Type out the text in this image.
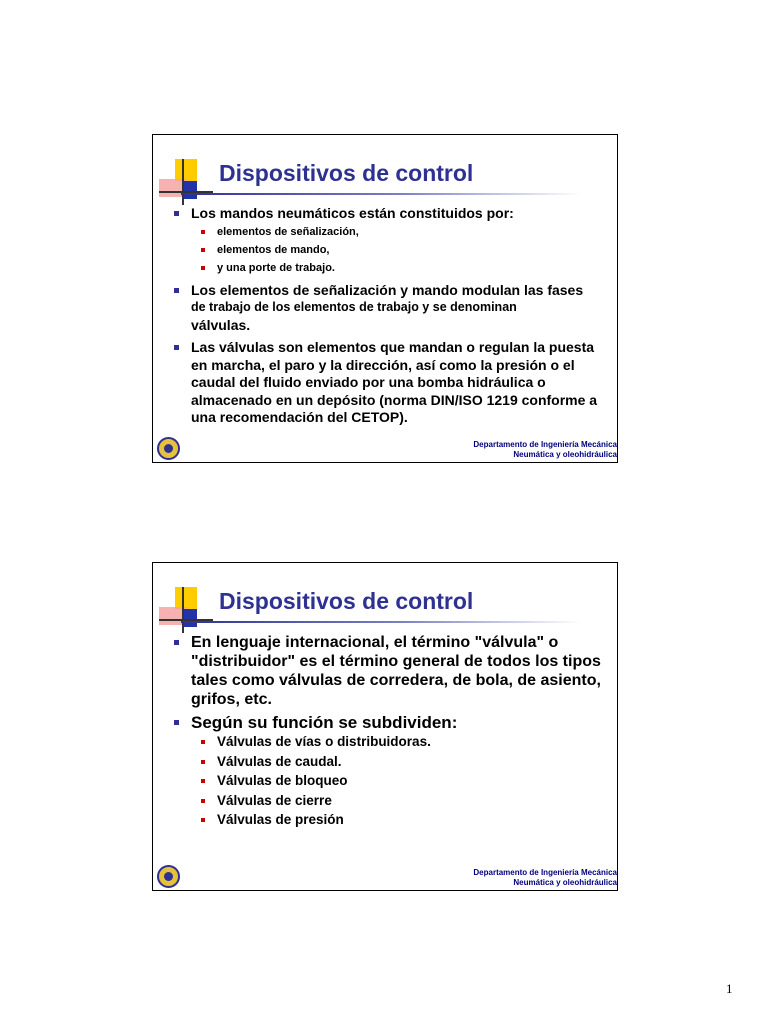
Dispositivos de control
Los mandos neumáticos están constituidos por:
elementos de señalización,
elementos de mando,
y una porte de trabajo.
Los elementos de señalización y mando modulan las fases
de trabajo de los elementos de trabajo y se denominan
válvulas.
Las válvulas son elementos que mandan o regulan la puesta en marcha, el paro y la dirección, así como la presión o el caudal del fluido enviado por una bomba hidráulica o almacenado en un depósito (norma DIN/ISO 1219 conforme a una recomendación del CETOP).
Departamento de Ingeniería Mecánica
Neumática y oleohidráulica
Dispositivos de control
En lenguaje internacional, el término "válvula" o "distribuidor" es el término general de todos los tipos tales como válvulas de corredera, de bola, de asiento, grifos, etc.
Según su función se subdividen:
Válvulas de vías o distribuidoras.
Válvulas de caudal.
Válvulas de bloqueo
Válvulas de cierre
Válvulas de presión
Departamento de Ingeniería Mecánica
Neumática y oleohidráulica
1
